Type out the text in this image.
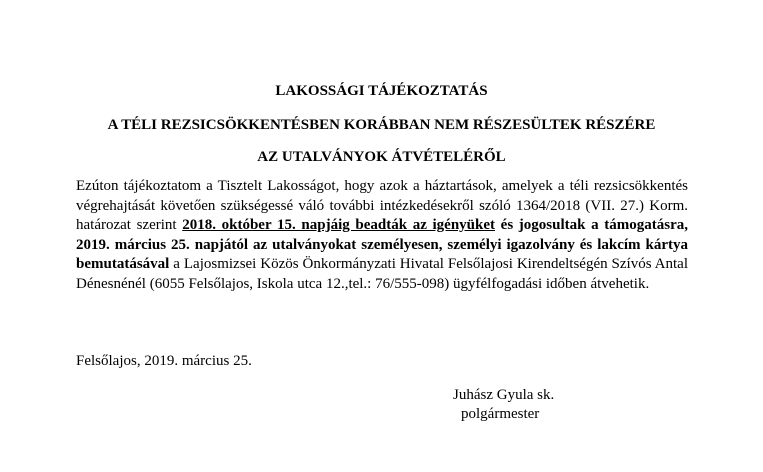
LAKOSSÁGI TÁJÉKOZTATÁS
A TÉLI REZSICSÖKKENTÉSBEN KORÁBBAN NEM RÉSZESÜLTEK RÉSZÉRE
AZ UTALVÁNYOK ÁTVÉTELÉRŐL
Ezúton tájékoztatom a Tisztelt Lakosságot, hogy azok a háztartások, amelyek a téli rezsicsökkentés végrehajtását követően szükségessé váló további intézkedésekről szóló 1364/2018 (VII. 27.) Korm. határozat szerint 2018. október 15. napjáig beadták az igényüket és jogosultak a támogatásra, 2019. március 25. napjától az utalványokat személyesen, személyi igazolvány és lakcím kártya bemutatásával a Lajosmizsei Közös Önkormányzati Hivatal Felsőlajosi Kirendeltségén Szívós Antal Dénesnénél (6055 Felsőlajos, Iskola utca 12.,tel.: 76/555-098) ügyfélfogadási időben átvehetik.
Felsőlajos, 2019. március 25.
Juhász Gyula sk.
polgármester
